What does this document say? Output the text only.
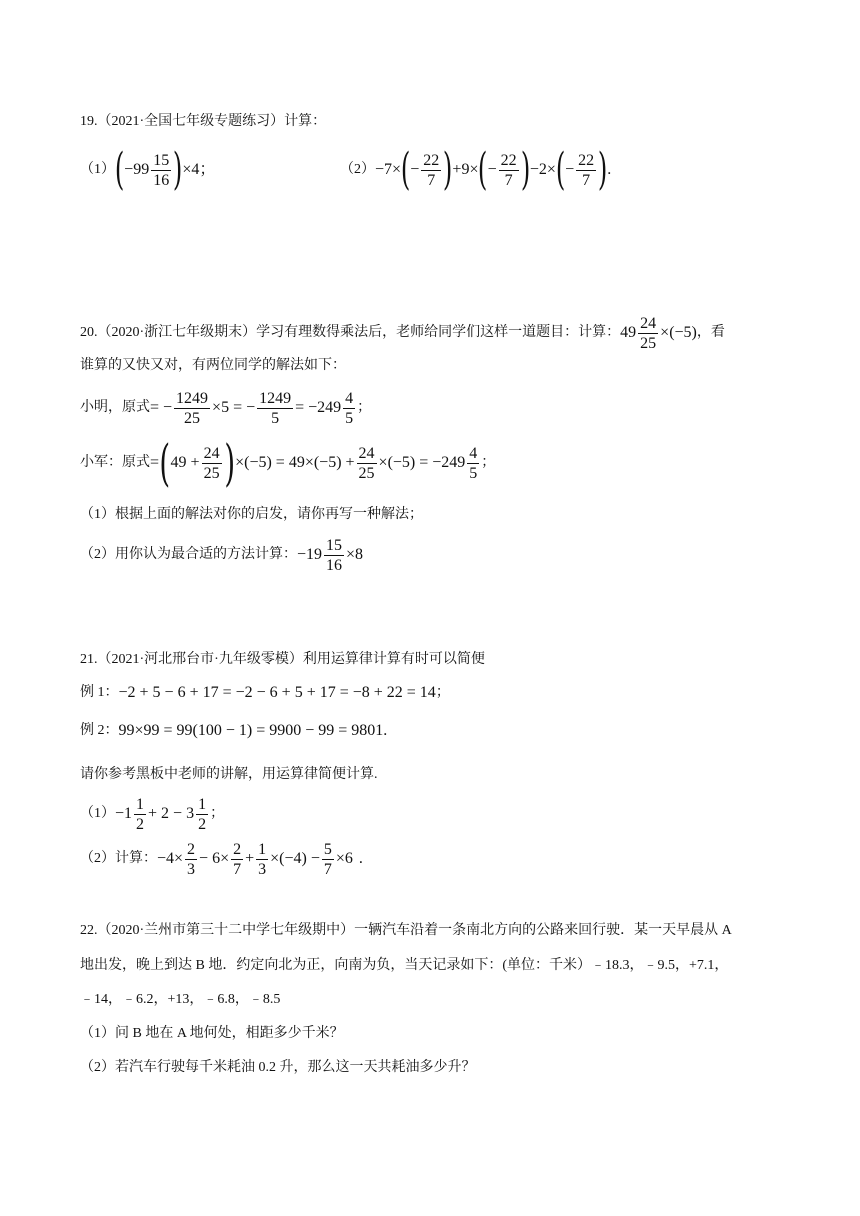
19.（2021·全国七年级专题练习）计算：
（1） ( $-99 \frac{15}{16}$ ) ×4；	（2） −7× ( − $\frac{22}{7}$ ) +9× ( − $\frac{22}{7}$ ) −2× ( − $\frac{22}{7}$ ) .
20.（2020·浙江七年级期末）学习有理数得乘法后，老师给同学们这样一道题目：计算： $49 \frac{24}{25} \times(-5)$ ，看
谁算的又快又对，有两位同学的解法如下：
小明，原式 = − $\frac{1249}{25} \times 5$ = − $\frac{1249}{5} = -249 \frac{4}{5}$ ；
小军：原式 = ( $49 + \frac{24}{25}$ ) $\times(-5) = 49\times(-5) + \frac{24}{25} \times(-5) = -249 \frac{4}{5}$ ；
（1）根据上面的解法对你的启发，请你再写一种解法；
（2）用你认为最合适的方法计算： $-19 \frac{15}{16} \times 8$
21.（2021·河北邢台市·九年级零模）利用运算律计算有时可以简便
例 1：−2 + 5 − 6 + 17 = −2 − 6 + 5 + 17 = −8 + 22 = 14；
例 2：99×99 = 99(100 − 1) = 9900 − 99 = 9801.
请你参考黑板中老师的讲解，用运算律简便计算.
$(1) -1 \frac{1}{2} + 2 - 3 \frac{1}{2}$ ；
（2）计算： $-4\times \frac{2}{3} - 6\times \frac{2}{7} + \frac{1}{3} \times(-4) - \frac{5}{7} \times 6$ .
22.（2020·兰州市第三十二中学七年级期中）一辆汽车沿着一条南北方向的公路来回行驶．某一天早晨从 A
地出发，晚上到达 B 地．约定向北为正，向南为负，当天记录如下：(单位：千米）﹣18.3，﹣9.5，+7.1，
﹣14，﹣6.2，+13，﹣6.8，﹣8.5
（1）问 B 地在 A 地何处，相距多少千米？
（2）若汽车行驶每千米耗油 0.2 升，那么这一天共耗油多少升？
